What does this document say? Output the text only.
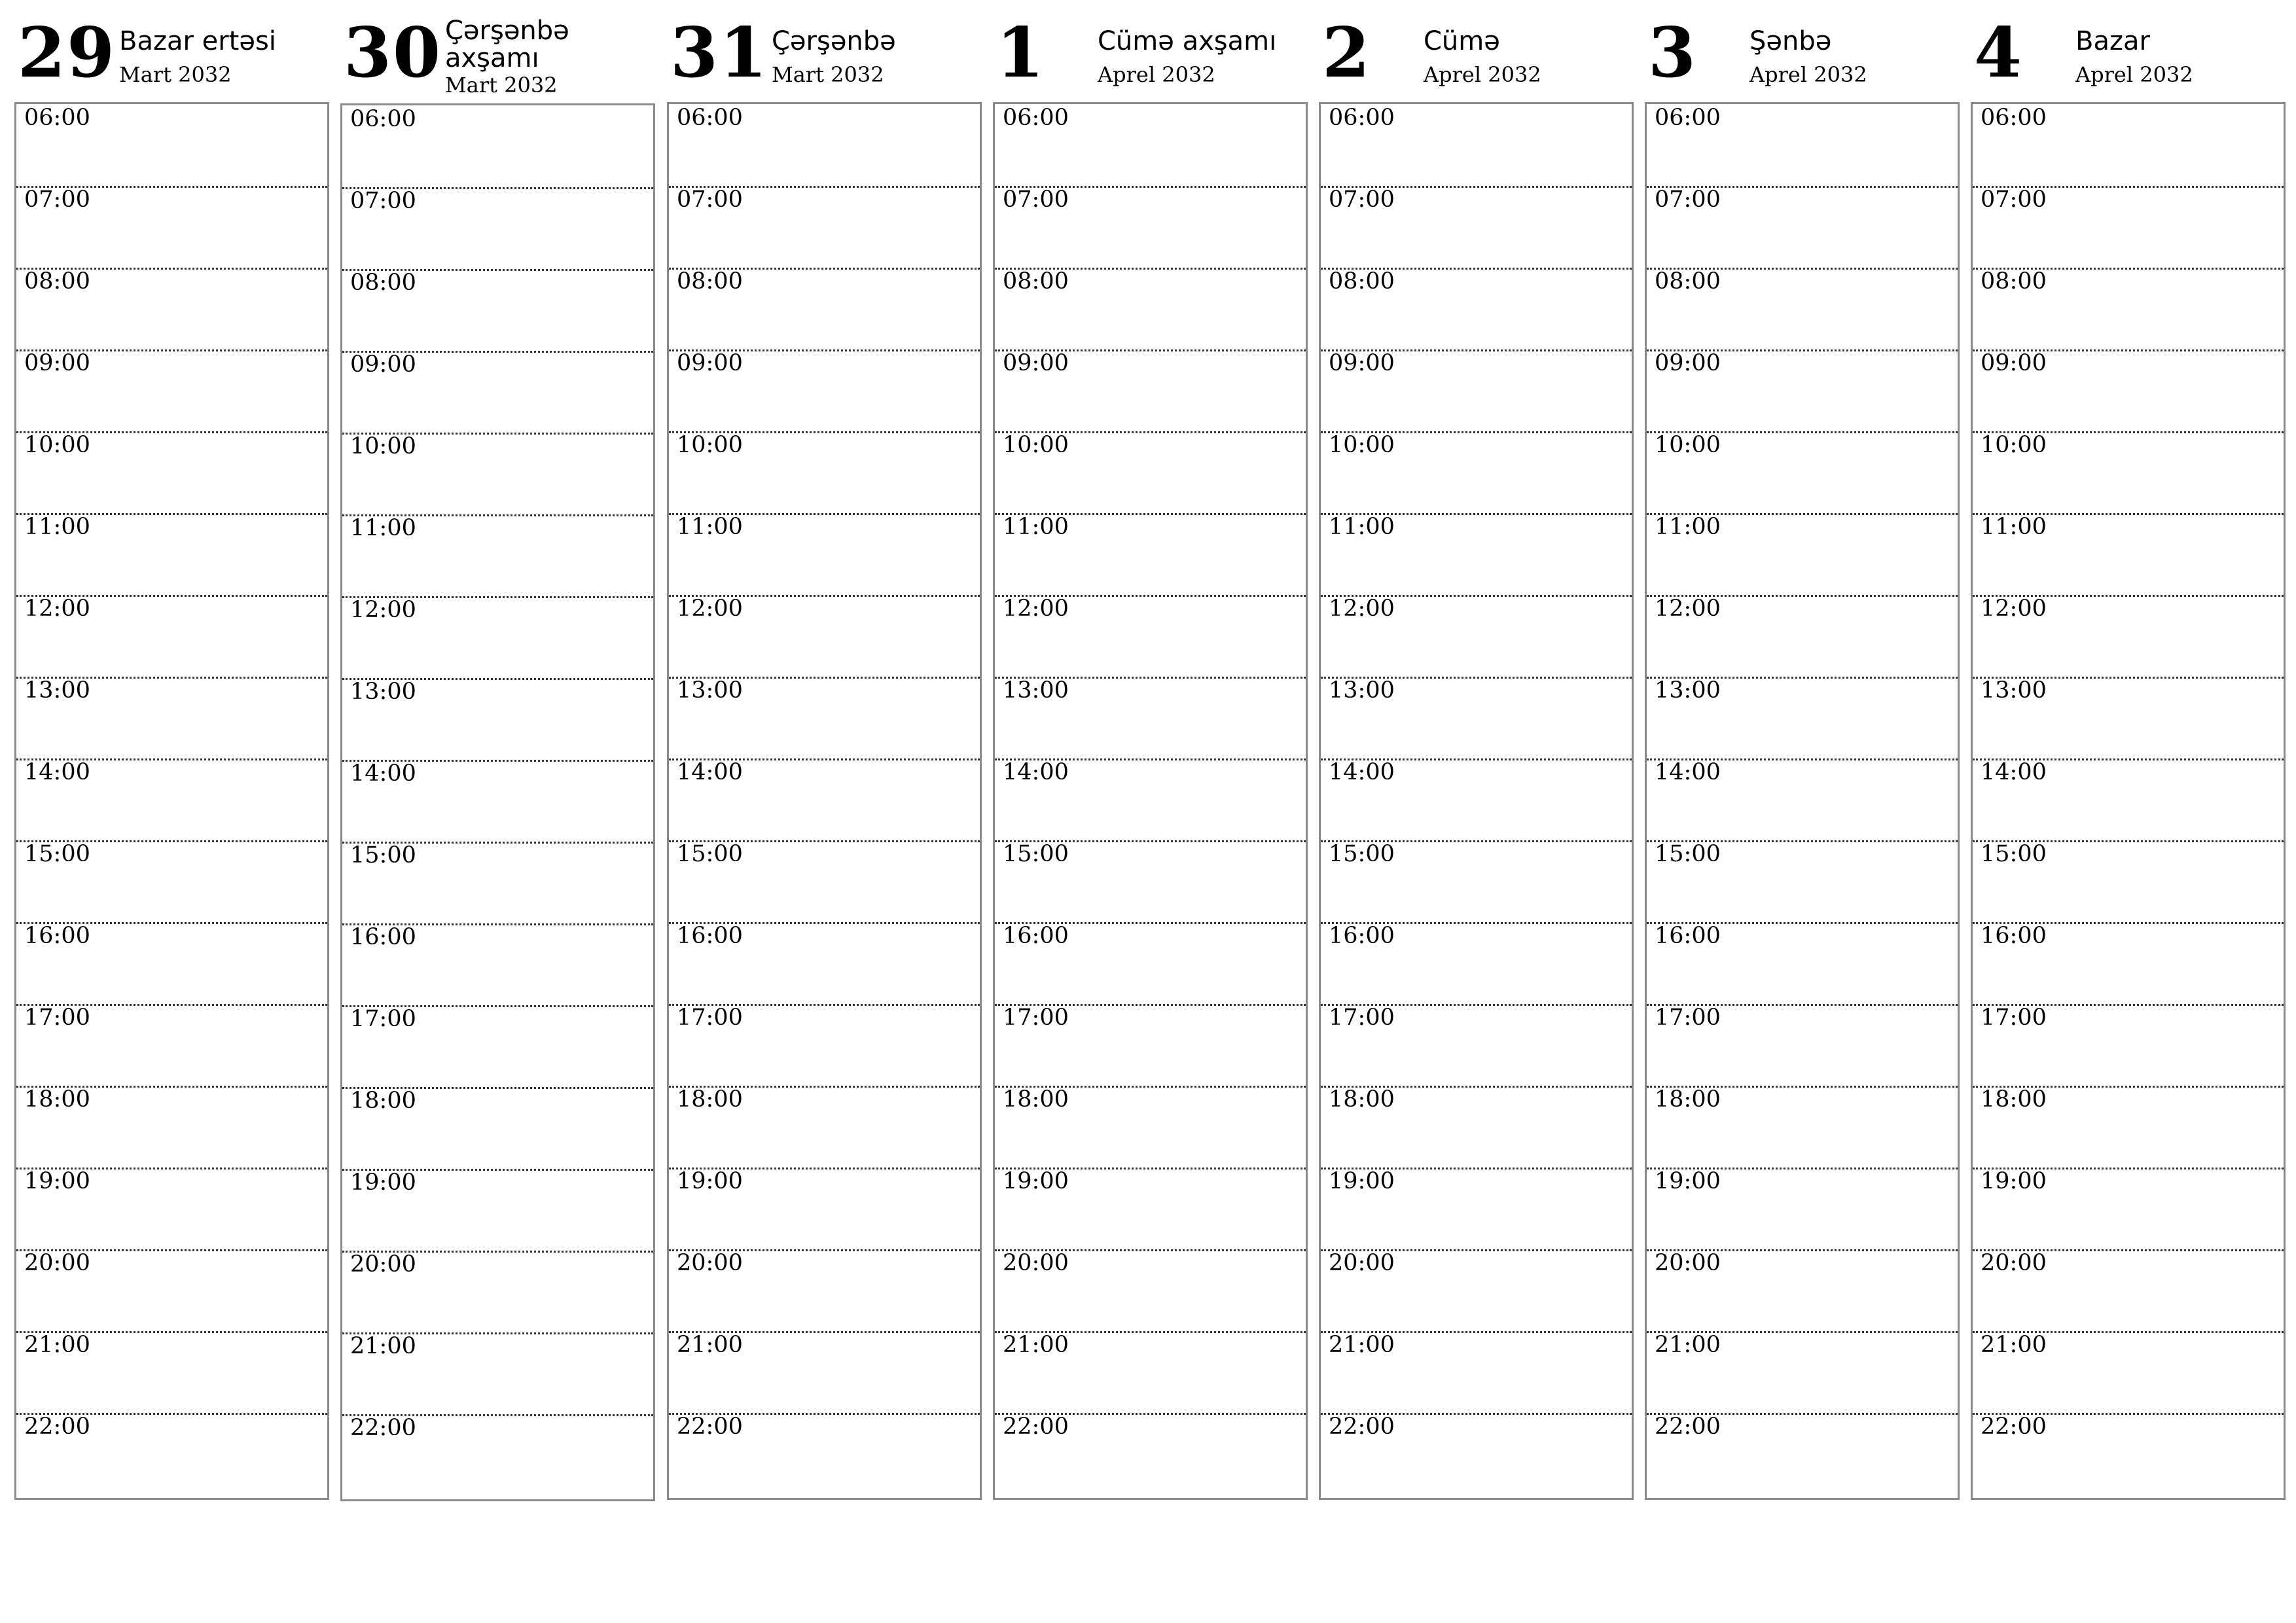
29 Bazar ertəsi
Mart 2032
06:00
07:00
08:00
09:00
10:00
11:00
12:00
13:00
14:00
15:00
16:00
17:00
18:00
19:00
20:00
21:00
22:00
30 Çərşənbə axşamı
Mart 2032
06:00
07:00
08:00
09:00
10:00
11:00
12:00
13:00
14:00
15:00
16:00
17:00
18:00
19:00
20:00
21:00
22:00
31 Çərşənbə
Mart 2032
06:00
07:00
08:00
09:00
10:00
11:00
12:00
13:00
14:00
15:00
16:00
17:00
18:00
19:00
20:00
21:00
22:00
1 Cümə axşamı
Aprel 2032
06:00
07:00
08:00
09:00
10:00
11:00
12:00
13:00
14:00
15:00
16:00
17:00
18:00
19:00
20:00
21:00
22:00
2 Cümə
Aprel 2032
06:00
07:00
08:00
09:00
10:00
11:00
12:00
13:00
14:00
15:00
16:00
17:00
18:00
19:00
20:00
21:00
22:00
3 Şənbə
Aprel 2032
06:00
07:00
08:00
09:00
10:00
11:00
12:00
13:00
14:00
15:00
16:00
17:00
18:00
19:00
20:00
21:00
22:00
4 Bazar
Aprel 2032
06:00
07:00
08:00
09:00
10:00
11:00
12:00
13:00
14:00
15:00
16:00
17:00
18:00
19:00
20:00
21:00
22:00
